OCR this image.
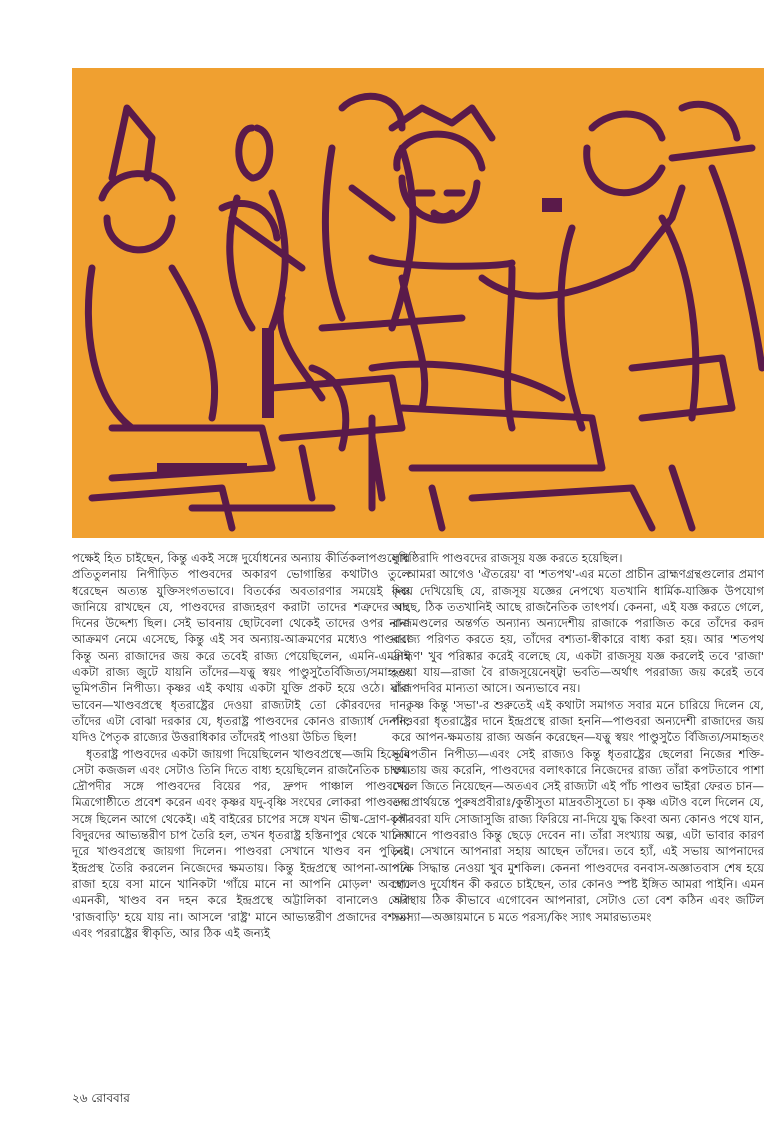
পক্ষেই হিত চাইছেন, কিন্তু একই সঙ্গে দুর্যোধনের অন্যায় কীর্তিকলাপগুলোর প্রতিতুলনায় নিপীড়িত পাণ্ডবদের অকারণ ভোগান্তির কথাটাও তুলে ধরেছেন অত্যন্ত যুক্তিসংগতভাবে। বিতর্কের অবতারণার সময়েই কৃষ্ণ জানিয়ে রাখছেন যে, পাণ্ডবদের রাজ্যহরণ করাটা তাদের শত্রুদের বহু দিনের উদ্দেশ্য ছিল। সেই ভাবনায় ছোটবেলা থেকেই তাদের ওপর নানা আক্রমণ নেমে এসেছে, কিন্তু এই সব অন্যায়-আক্রমণের মধ্যেও পাণ্ডবরা কিন্তু অন্য রাজাদের জয় করে তবেই রাজ্য পেয়েছিলেন, এমনি-এমনিই একটা রাজ্য জুটে যায়নি তাঁদের—যত্নু স্বয়ং পাণ্ডুসুতৈর্বিজিত্য/সমাহৃতং ভূমিপতীন নিপীড্য। কৃষ্ণর এই কথায় একটা যুক্তি প্রকট হয়ে ওঠে। যাঁরা ভাবেন—খাণ্ডবপ্রস্থে ধৃতরাষ্ট্রের দেওয়া রাজ্যটাই তো কৌরবদের দান, তাঁদের এটা বোঝা দরকার যে, ধৃতরাষ্ট্র পাণ্ডবদের কোনও রাজ্যার্ধ দেননি, যদিও পৈতৃক রাজ্যের উত্তরাধিকার তাঁদেরই পাওয়া উচিত ছিল!

ধৃতরাষ্ট্র পাণ্ডবদের একটা জায়গা দিয়েছিলেন খাণ্ডবপ্রস্থে—জমি হিসেবে সেটা কজজল এবং সেটাও তিনি দিতে বাধ্য হয়েছিলেন রাজনৈতিক চাপে। দ্রৌপদীর সঙ্গে পাণ্ডবদের বিয়ের পর, দ্রুপদ পাঞ্চাল পাণ্ডবদের মিত্রগোষ্ঠীতে প্রবেশ করেন এবং কৃষ্ণর যদু-বৃষ্ণি সংঘের লোকরা পাণ্ডবদের সঙ্গে ছিলেন আগে থেকেই। এই বাইরের চাপের সঙ্গে যখন ভীষ্ম-দ্রোণ-কৃপ-বিদুরদের আভ্যন্তরীণ চাপ তৈরি হল, তখন ধৃতরাষ্ট্র হস্তিনাপুর থেকে খানিক দূরে খাণ্ডবপ্রস্থে জায়গা দিলেন। পাণ্ডবরা সেখানে খাণ্ডব বন পুড়িয়ে ইন্দ্রপ্রস্থ তৈরি করলেন নিজেদের ক্ষমতায়। কিন্তু ইন্দ্রপ্রস্থে আপনা-আপনি রাজা হয়ে বসা মানে খানিকটা 'গাঁয়ে মানে না আপনি মোড়ল' অবস্থা। এমনকী, খাণ্ডব বন দহন করে ইন্দ্রপ্রস্থে অট্টালিকা বানালেও সেটা 'রাজবাড়ি' হয়ে যায় না। আসলে 'রাষ্ট্র' মানে আভ্যন্তরীণ প্রজাদের বশ্যতা এবং পররাষ্ট্রের স্বীকৃতি, আর ঠিক এই জন্যই

যুধিষ্ঠিরাদি পাণ্ডবদের রাজসূয় যজ্ঞ করতে হয়েছিল।

আমরা আগেও 'ঐতরেয়' বা 'শতপথ'-এর মতো প্রাচীন ব্রাহ্মণগ্রন্থগুলোর প্রমাণ দিয়ে দেখিয়েছি যে, রাজসূয় যজ্ঞের নেপথ্যে যতখানি ধার্মিক-যাজ্ঞিক উপযোগ আছে, ঠিক ততখানিই আছে রাজনৈতিক তাৎপর্য। কেননা, এই যজ্ঞ করতে গেলে, রাজমণ্ডলের অন্তর্গত অন্যান্য অন্যদেশীয় রাজাকে পরাজিত করে তাঁদের করদ রাজ্যে পরিণত করতে হয়, তাঁদের বশ্যতা-স্বীকারে বাধ্য করা হয়। আর 'শতপথ ব্রাহ্মণ' খুব পরিষ্কার করেই বলেছে যে, একটা রাজসূয় যজ্ঞ করলেই তবে 'রাজা' হওয়া যায়—রাজা বৈ রাজসূয়েনেষ্ট্বা ভবতি—অর্থাৎ পররাজ্য জয় করেই তবে রাজপদবির মান্যতা আসে। অন্যভাবে নয়।

কৃষ্ণ কিন্তু 'সভা'-র শুরুতেই এই কথাটা সমাগত সবার মনে চারিয়ে দিলেন যে, পাণ্ডবরা ধৃতরাষ্ট্রের দানে ইন্দ্রপ্রস্থে রাজা হননি—পাণ্ডবরা অন্যদেশী রাজাদের জয় করে আপন-ক্ষমতায় রাজ্য অর্জন করেছেন—যত্নু স্বয়ং পাণ্ডুসুতৈ র্বিজিত্য/সমাহৃতং ভূমিপতীন নিপীড্য—এবং সেই রাজ্যও কিন্তু ধৃতরাষ্ট্রের ছেলেরা নিজের শক্তি-ক্ষমতায় জয় করেনি, পাণ্ডবদের বলাৎকারে নিজেদের রাজ্য তাঁরা কপটতাবে পাশা খেলে জিতে নিয়েছেন—অতএব সেই রাজ্যটা এই পাঁচ পাণ্ডব ভাইরা ফেরত চান—তৎ প্রার্থয়ন্তে পুরুষপ্রবীরাঃ/কুন্তীসুতা মাদ্রবতীসুতো চ। কৃষ্ণ এটাও বলে দিলেন যে, কৌরবরা যদি সোজাসুজি রাজ্য ফিরিয়ে না-দিয়ে যুদ্ধ কিংবা অন্য কোনও পথে যান, সেখানে পাণ্ডবরাও কিন্তু ছেড়ে দেবেন না। তাঁরা সংখ্যায় অল্প, এটা ভাবার কারণ নেই। সেখানে আপনারা সহায় আছেন তাঁদের। তবে হ্যাঁ, এই সভায় আপনাদের পক্ষে সিদ্ধান্ত নেওয়া খুব মুশকিল। কেননা পাণ্ডবদের বনবাস-অজ্ঞাতবাস শেষ হয়ে গেলেও দুর্যোধন কী করতে চাইছেন, তার কোনও স্পষ্ট ইঙ্গিত আমরা পাইনি। এমন অবস্থায় ঠিক কীভাবে এগোবেন আপনারা, সেটাও তো বেশ কঠিন এবং জটিল সমস্যা—অজ্ঞায়মানে চ মতে পরস্য/কিং স্যাৎ সমারভ্যতমং

২৬ রোববার
